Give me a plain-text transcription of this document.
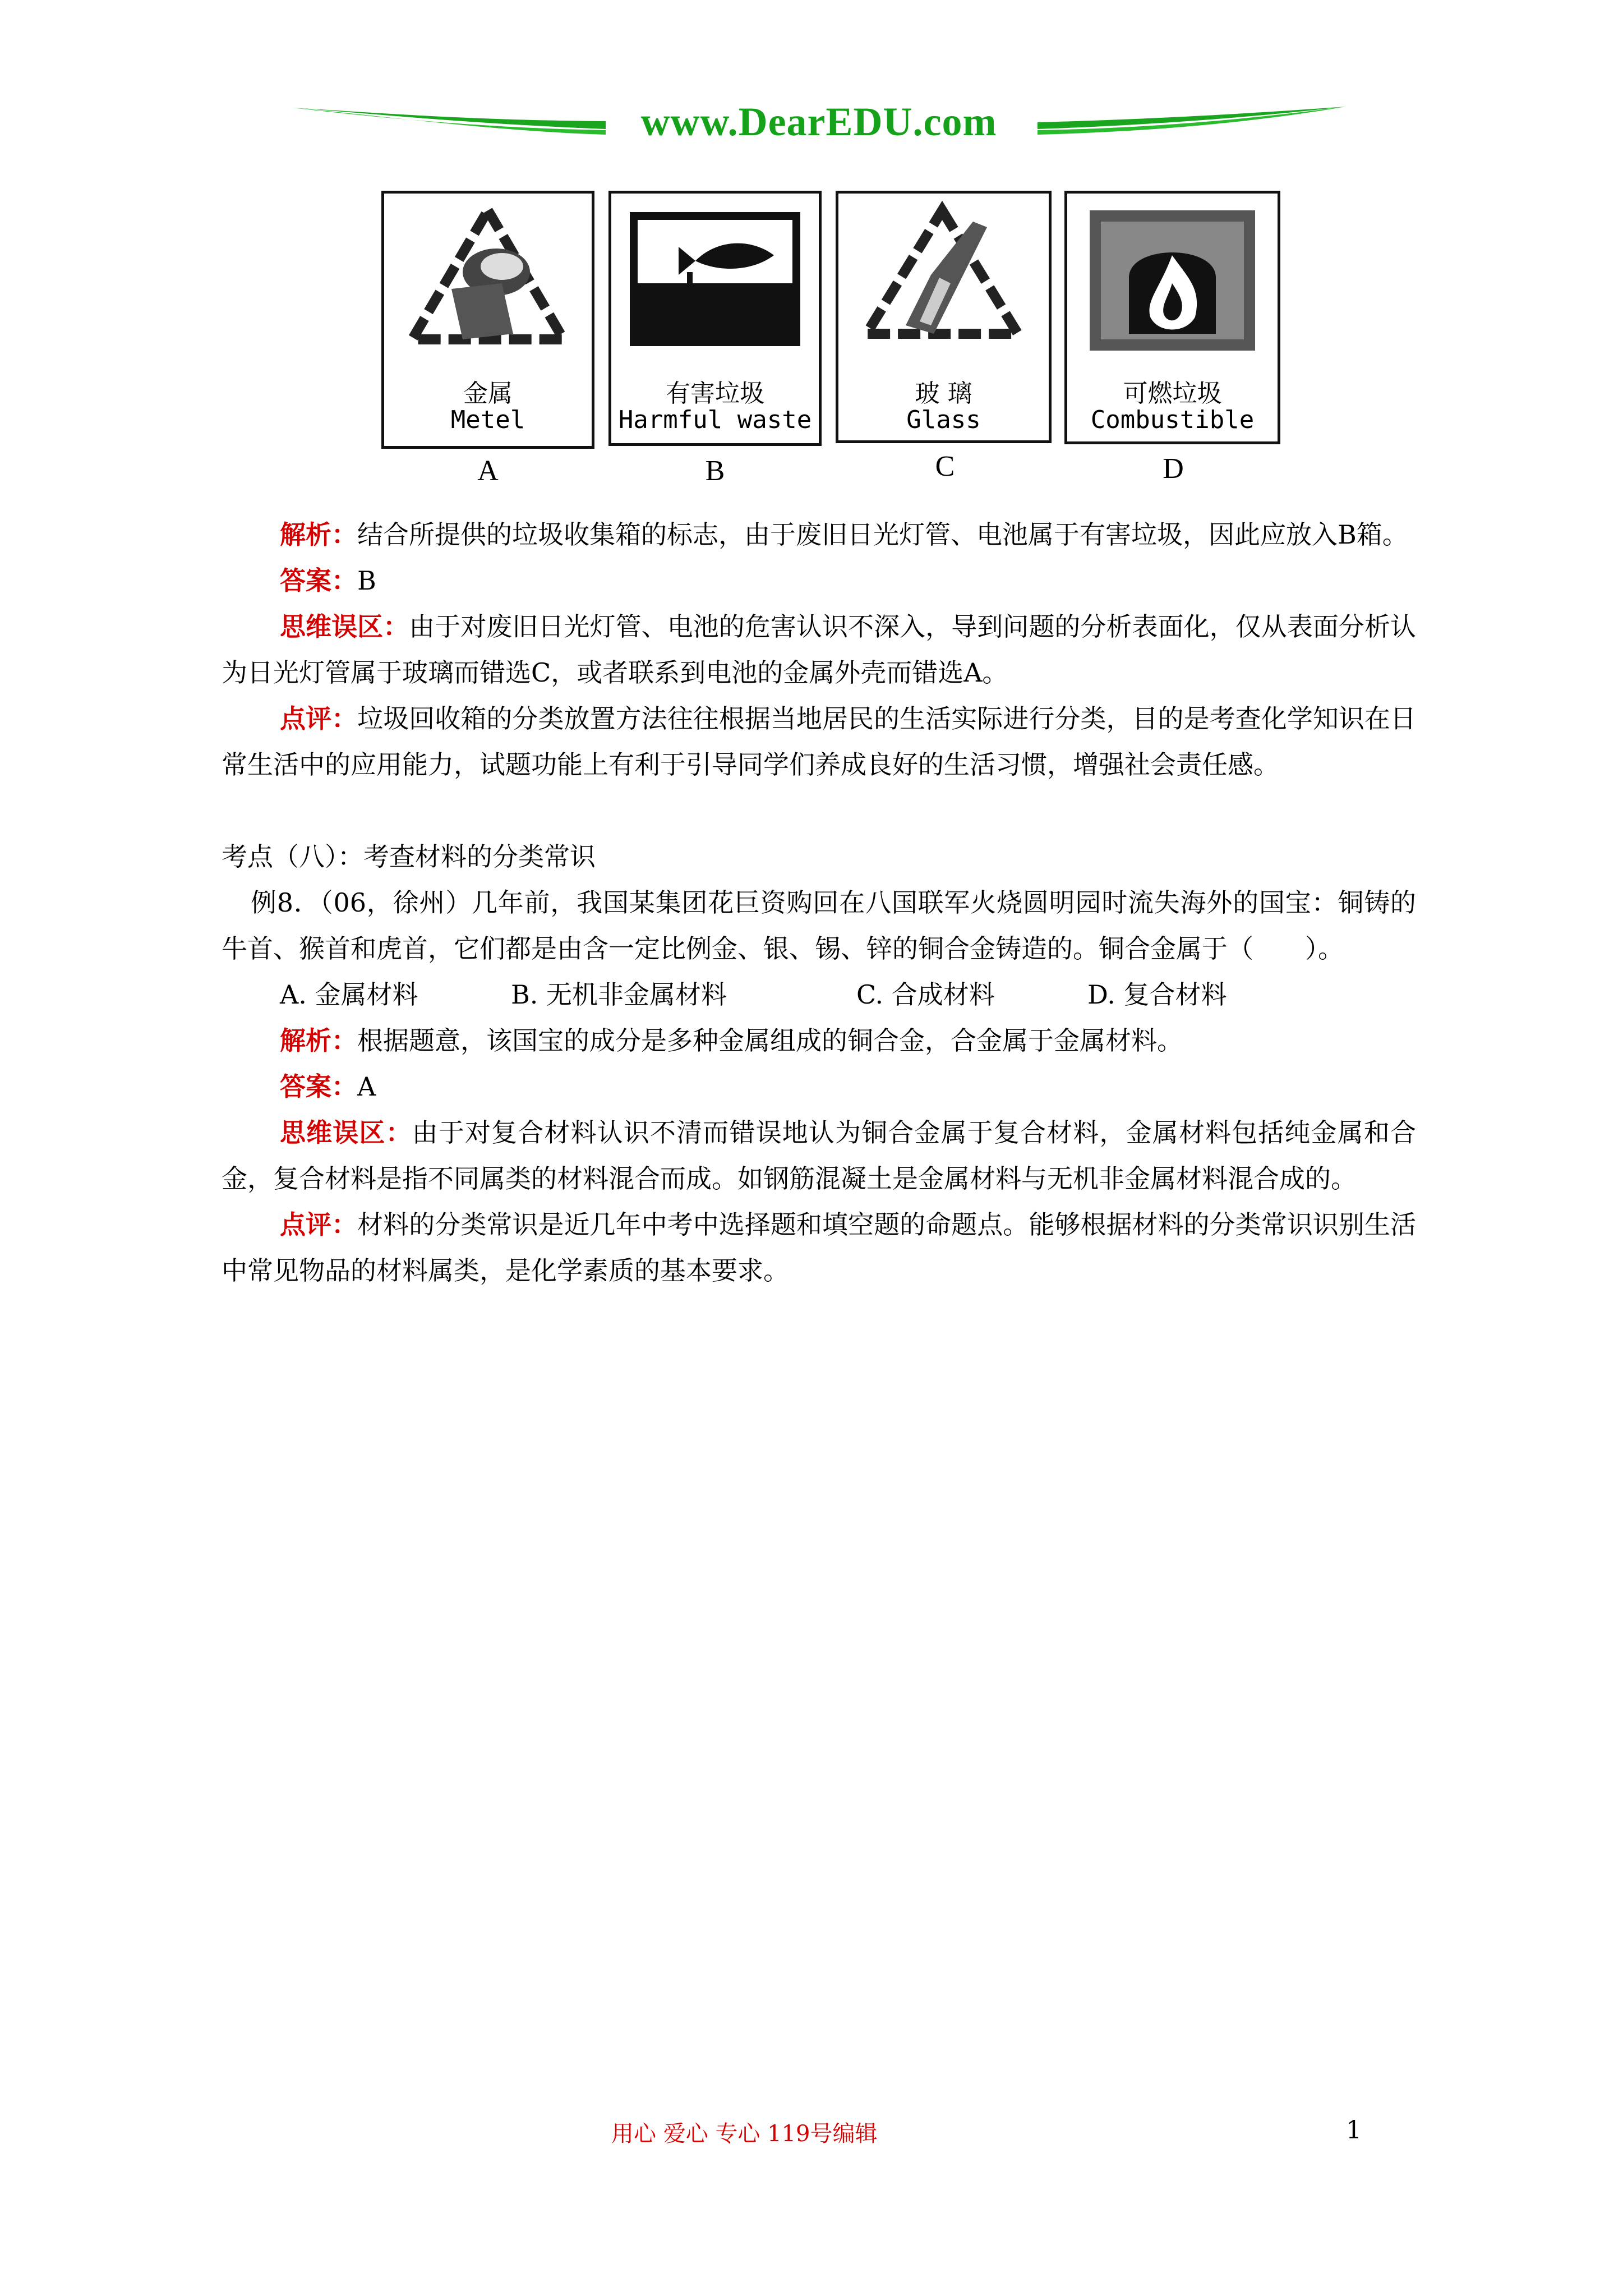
www.DearEDU.com
金属
Metel
A
有害垃圾
Harmful waste
B
玻 璃
Glass
C
可燃垃圾
Combustible
D

解析：结合所提供的垃圾收集箱的标志，由于废旧日光灯管、电池属于有害垃圾，因此应放入B箱。

答案：B

思维误区：由于对废旧日光灯管、电池的危害认识不深入，导到问题的分析表面化，仅从表面分析认为日光灯管属于玻璃而错选C，或者联系到电池的金属外壳而错选A。

点评：垃圾回收箱的分类放置方法往往根据当地居民的生活实际进行分类，目的是考查化学知识在日常生活中的应用能力，试题功能上有利于引导同学们养成良好的生活习惯，增强社会责任感。

考点（八）：考查材料的分类常识

例8．（06，徐州）几年前，我国某集团花巨资购回在八国联军火烧圆明园时流失海外的国宝：铜铸的牛首、猴首和虎首，它们都是由含一定比例金、银、锡、锌的铜合金铸造的。铜合金属于（　　）。

A. 金属材料	B. 无机非金属材料	C. 合成材料	D. 复合材料

解析：根据题意，该国宝的成分是多种金属组成的铜合金，合金属于金属材料。

答案：A

思维误区：由于对复合材料认识不清而错误地认为铜合金属于复合材料，金属材料包括纯金属和合金，复合材料是指不同属类的材料混合而成。如钢筋混凝土是金属材料与无机非金属材料混合成的。

点评：材料的分类常识是近几年中考中选择题和填空题的命题点。能够根据材料的分类常识识别生活中常见物品的材料属类，是化学素质的基本要求。

用心 爱心 专心 119号编辑	1
